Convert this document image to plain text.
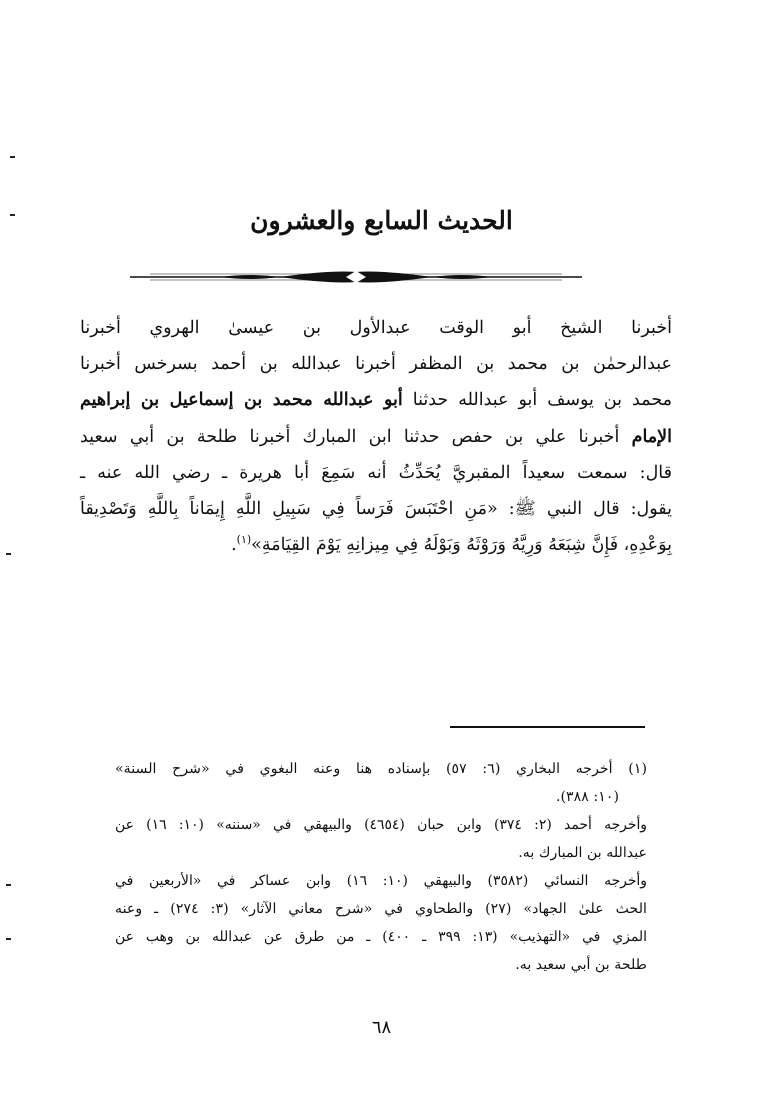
الحديث السابع والعشرون
أخبرنا الشيخ أبو الوقت عبدالأول بن عيسىٰ الهروي أخبرنا
عبدالرحمٰن بن محمد بن المظفر أخبرنا عبدالله بن أحمد بسرخس أخبرنا
محمد بن يوسف أبو عبدالله حدثنا أبو عبدالله محمد بن إسماعيل بن إبراهيم
الإمام أخبرنا علي بن حفص حدثنا ابن المبارك أخبرنا طلحة بن أبي سعيد
قال: سمعت سعيداً المقبريَّ يُحَدِّثُ أنه سَمِعَ أبا هريرة ـ رضي الله عنه ـ
يقول: قال النبي ﷺ: «مَنِ احْتَبَسَ فَرَساً فِي سَبِيلِ اللَّهِ إِيمَاناً بِاللَّهِ وَتَصْدِيقاً
بِوَعْدِهِ، فَإِنَّ شِبَعَهُ وَرِيَّهُ وَرَوْثَهُ وَبَوْلَهُ فِي مِيزانِهِ يَوْمَ القِيَامَةِ»$^{(١)}$.
(١) أخرجه البخاري (٦: ٥٧) بإسناده هنا وعنه البغوي في «شرح السنة»
(١٠: ٣٨٨).
وأخرجه أحمد (٢: ٣٧٤) وابن حبان (٤٦٥٤) والبيهقي في «سننه» (١٠: ١٦) عن
عبدالله بن المبارك به.
وأخرجه النسائي (٣٥٨٢) والبيهقي (١٠: ١٦) وابن عساكر في «الأربعين في
الحث علىٰ الجهاد» (٢٧) والطحاوي في «شرح معاني الآثار» (٣: ٢٧٤) ـ وعنه
المزي في «التهذيب» (١٣: ٣٩٩ ـ ٤٠٠) ـ من طرق عن عبدالله بن وهب عن
طلحة بن أبي سعيد به.
٦٨
